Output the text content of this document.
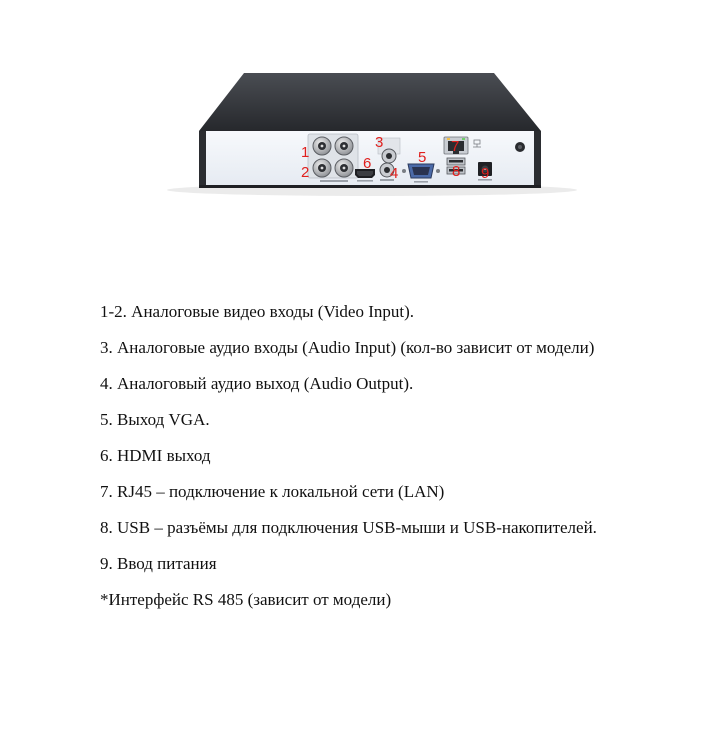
1
2
3
4
5
6
7
8 9
1-2. Аналоговые видео входы (Video Input).
3. Аналоговые аудио входы (Audio Input) (кол-во зависит от модели)
4. Аналоговый аудио выход (Audio Output).
5. Выход VGA.
6. HDMI выход
7. RJ45 – подключение к локальной сети (LAN)
8. USB – разъёмы для подключения USB-мыши и USB-накопителей.
9. Ввод питания
*Интерфейс RS 485 (зависит от модели)
